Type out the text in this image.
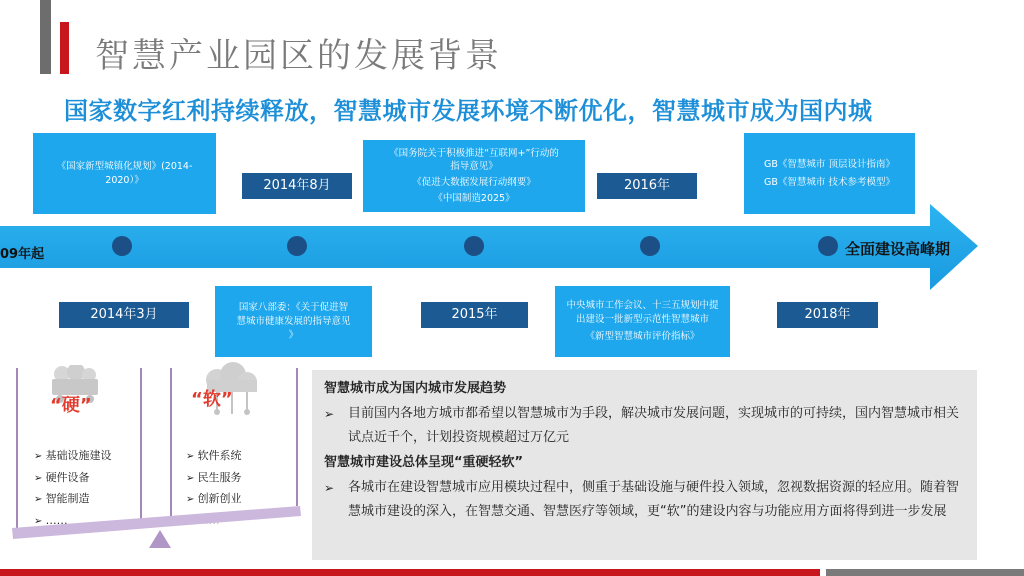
智慧产业园区的发展背景
国家数字红利持续释放，智慧城市发展环境不断优化，智慧城市成为国内城
09年起	全面建设高峰期
《国家新型城镇化规划》(2014-
2020）》	2014年8月
《国务院关于积极推进“互联网+”行动的
指导意见》
《促进大数据发展行动纲要》
《中国制造2025》
2016年
GB《智慧城市 顶层设计指南》
GB《智慧城市 技术参考模型》
2014年3月	国家八部委：《关于促进智
慧城市健康发展的指导意见
》
2015年
中央城市工作会议、十三五规划中提
出建设一批新型示范性智慧城市
《新型智慧城市评价指标》
2018年
“硬”	“软”
➢ 基础设施建设
➢ 硬件设备
➢ 智能制造
➢ ……
➢ 软件系统
➢ 民生服务
➢ 创新创业
➢
智慧城市成为国内城市发展趋势
➢	目前国内各地方城市都希望以智慧城市为手段，解决城市发展问题，实现城市的可持续，国内智慧城市相关试点近千个，计划投资规模超过万亿元
智慧城市建设总体呈现“重硬轻软”
➢	各城市在建设智慧城市应用模块过程中，侧重于基础设施与硬件投入领域，忽视数据资源的轻应用。随着智慧城市建设的深入，在智慧交通、智慧医疗等领域，更“软”的建设内容与功能应用方面将得到进一步发展
